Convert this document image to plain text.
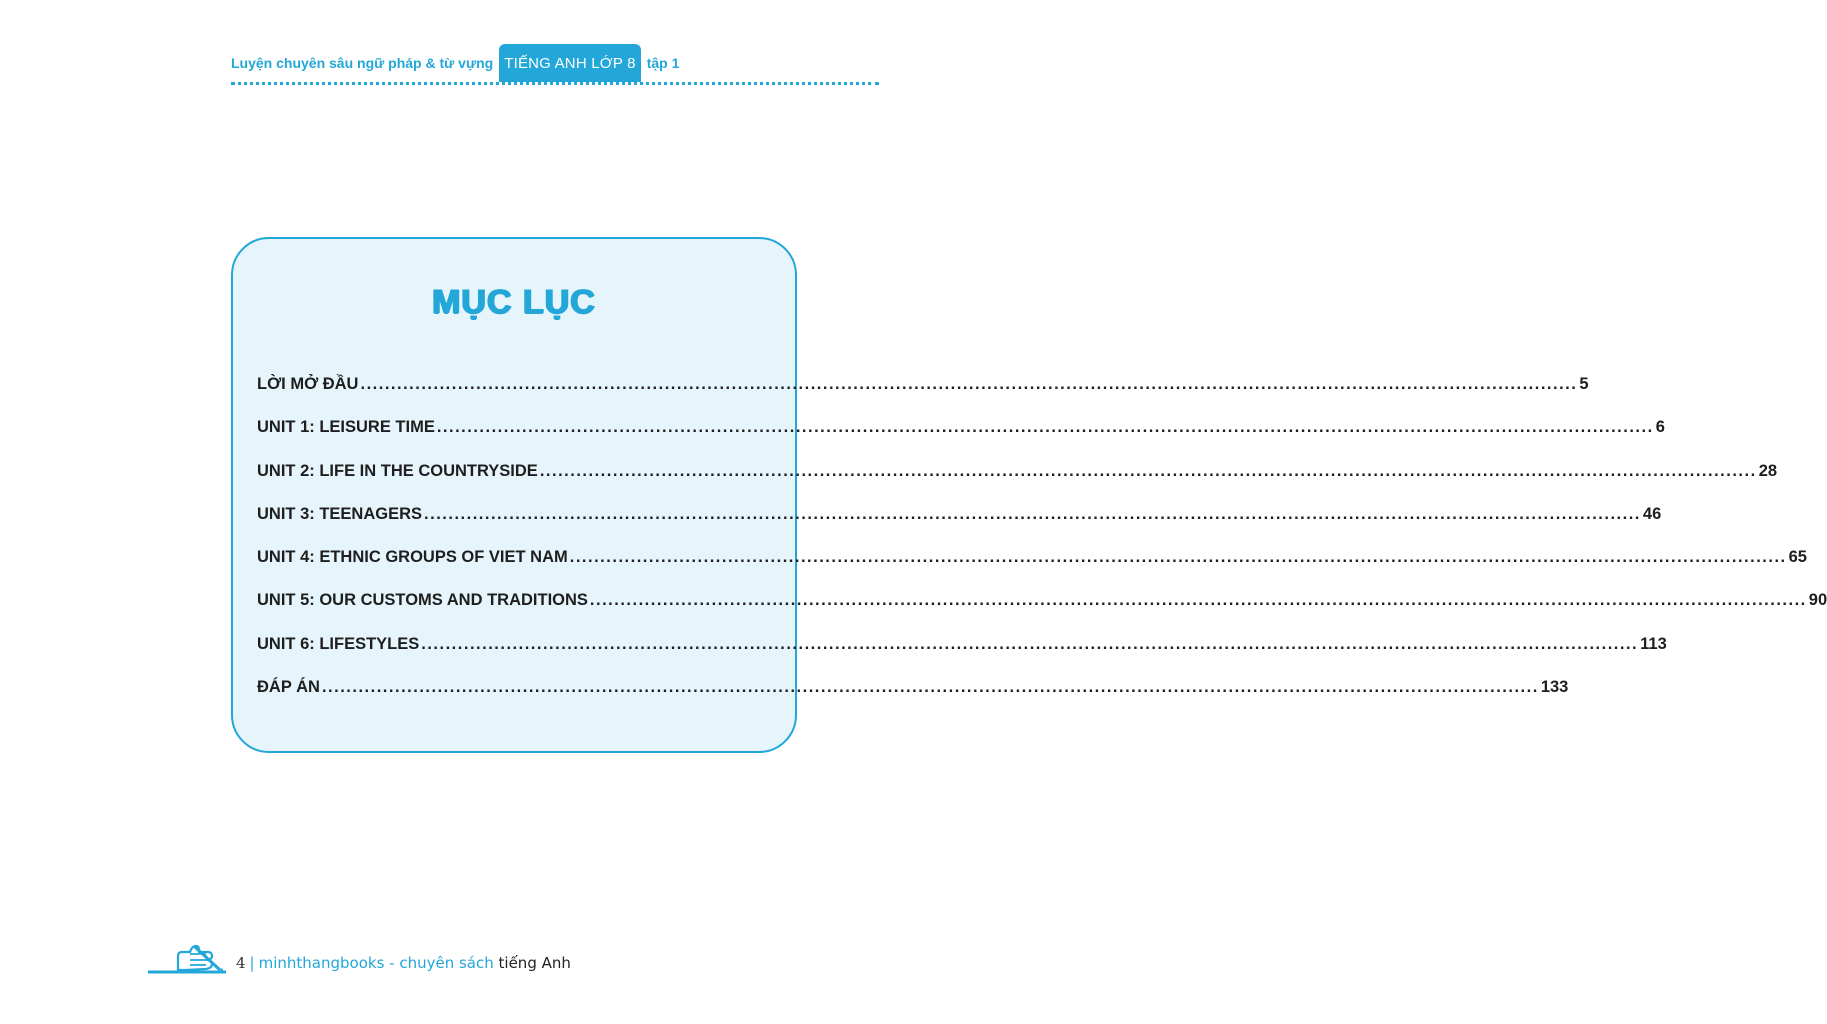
Luyện chuyên sâu ngữ pháp & từ vựng TIẾNG ANH LỚP 8 tập 1
MỤC LỤC
LỜI MỞ ĐẦU ........................................................................................................................................................................................................ 5
UNIT 1: LEISURE TIME ........................................................................................................................................................................................................ 6
UNIT 2: LIFE IN THE COUNTRYSIDE ........................................................................................................................................................................................................ 28
UNIT 3: TEENAGERS ........................................................................................................................................................................................................ 46
UNIT 4: ETHNIC GROUPS OF VIET NAM ........................................................................................................................................................................................................ 65
UNIT 5: OUR CUSTOMS AND TRADITIONS ........................................................................................................................................................................................................ 90
UNIT 6: LIFESTYLES ........................................................................................................................................................................................................ 113
ĐÁP ÁN ........................................................................................................................................................................................................ 133
4 | minhthangbooks - chuyên sách tiếng Anh
